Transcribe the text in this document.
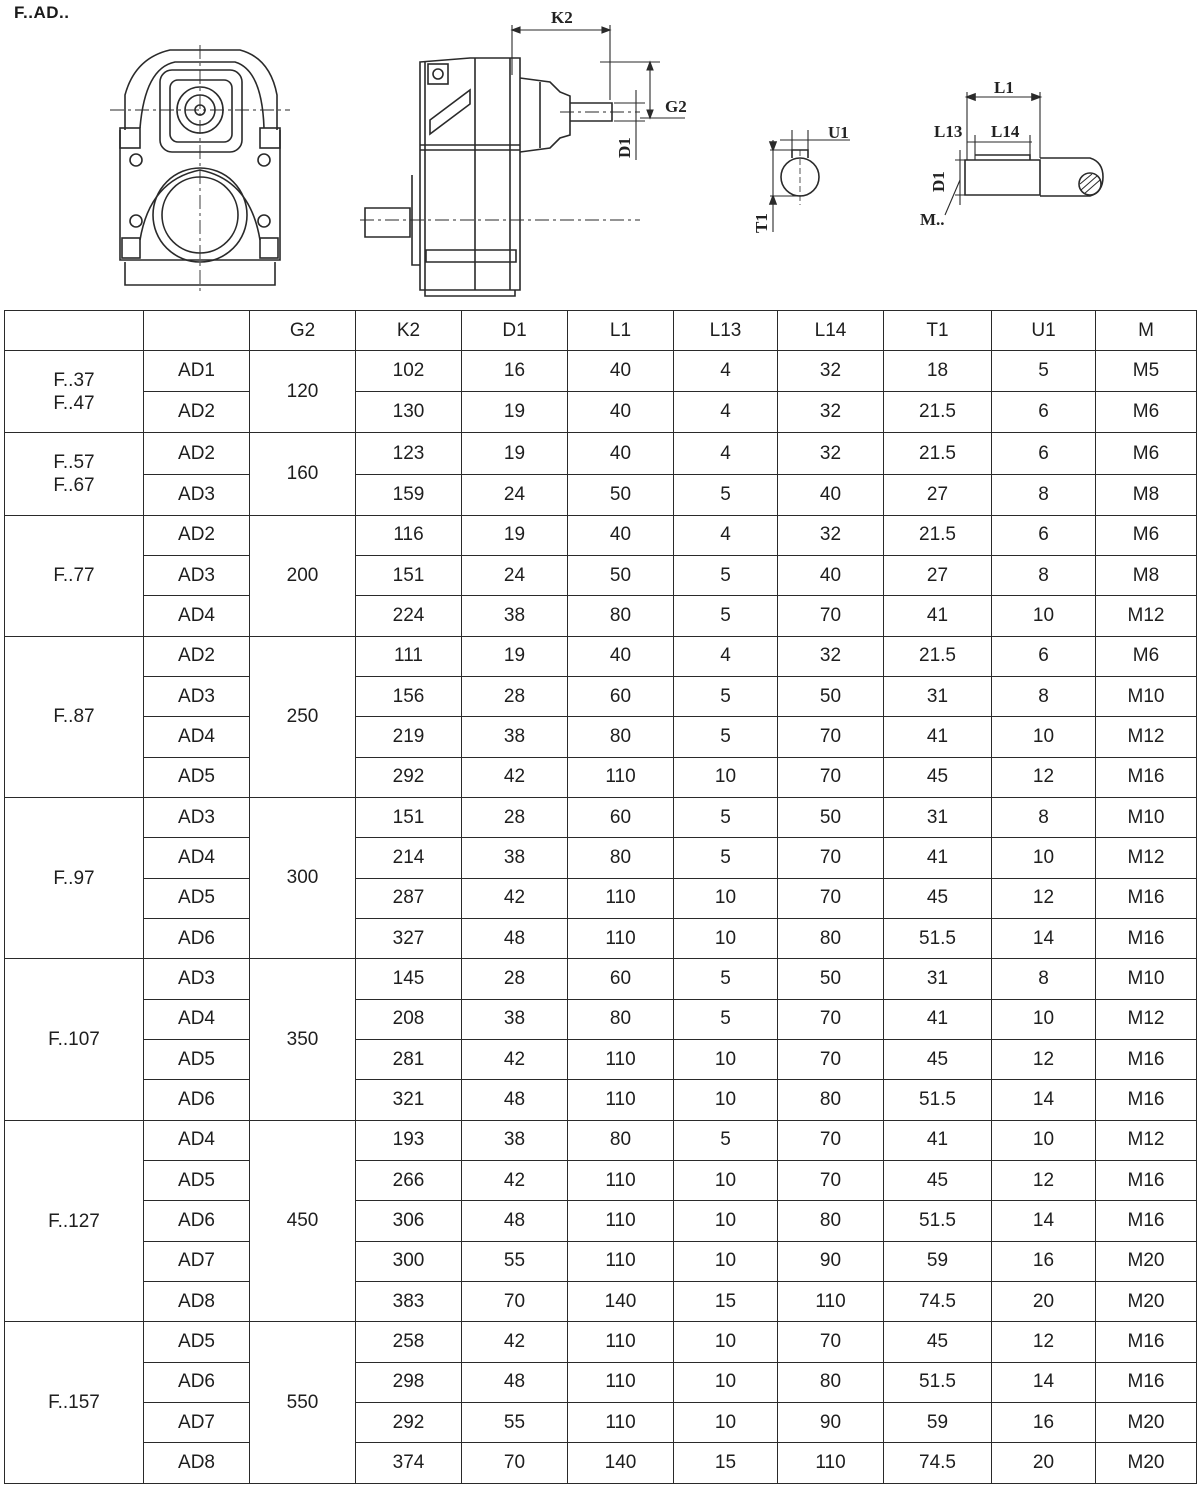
F..AD..	K2
G2
D1
U1
T1
L1
L13 L14
D1
M..
		G2	K2	D1	L1	L13	L14	T1	U1	M

F..37
F..47	AD1	120	102	16	40	4	32	18	5	M5
	AD2		130	19	40	4	32	21.5	6	M6

F..57
F..67	AD2	160	123	19	40	4	32	21.5	6	M6
	AD3		159	24	50	5	40	27	8	M8

F..77	AD2	200	116	19	40	4	32	21.5	6	M6
	AD3		151	24	50	5	40	27	8	M8
	AD4		224	38	80	5	70	41	10	M12

F..87	AD2	250	111	19	40	4	32	21.5	6	M6
	AD3		156	28	60	5	50	31	8	M10
	AD4		219	38	80	5	70	41	10	M12
	AD5		292	42	110	10	70	45	12	M16

F..97	AD3	300	151	28	60	5	50	31	8	M10
	AD4		214	38	80	5	70	41	10	M12
	AD5		287	42	110	10	70	45	12	M16
	AD6		327	48	110	10	80	51.5	14	M16

F..107	AD3	350	145	28	60	5	50	31	8	M10
	AD4		208	38	80	5	70	41	10	M12
	AD5		281	42	110	10	70	45	12	M16
	AD6		321	48	110	10	80	51.5	14	M16

F..127	AD4	450	193	38	80	5	70	41	10	M12
	AD5		266	42	110	10	70	45	12	M16
	AD6		306	48	110	10	80	51.5	14	M16
	AD7		300	55	110	10	90	59	16	M20
	AD8		383	70	140	15	110	74.5	20	M20

F..157	AD5	550	258	42	110	10	70	45	12	M16
	AD6		298	48	110	10	80	51.5	14	M16
	AD7		292	55	110	10	90	59	16	M20
	AD8		374	70	140	15	110	74.5	20	M20
